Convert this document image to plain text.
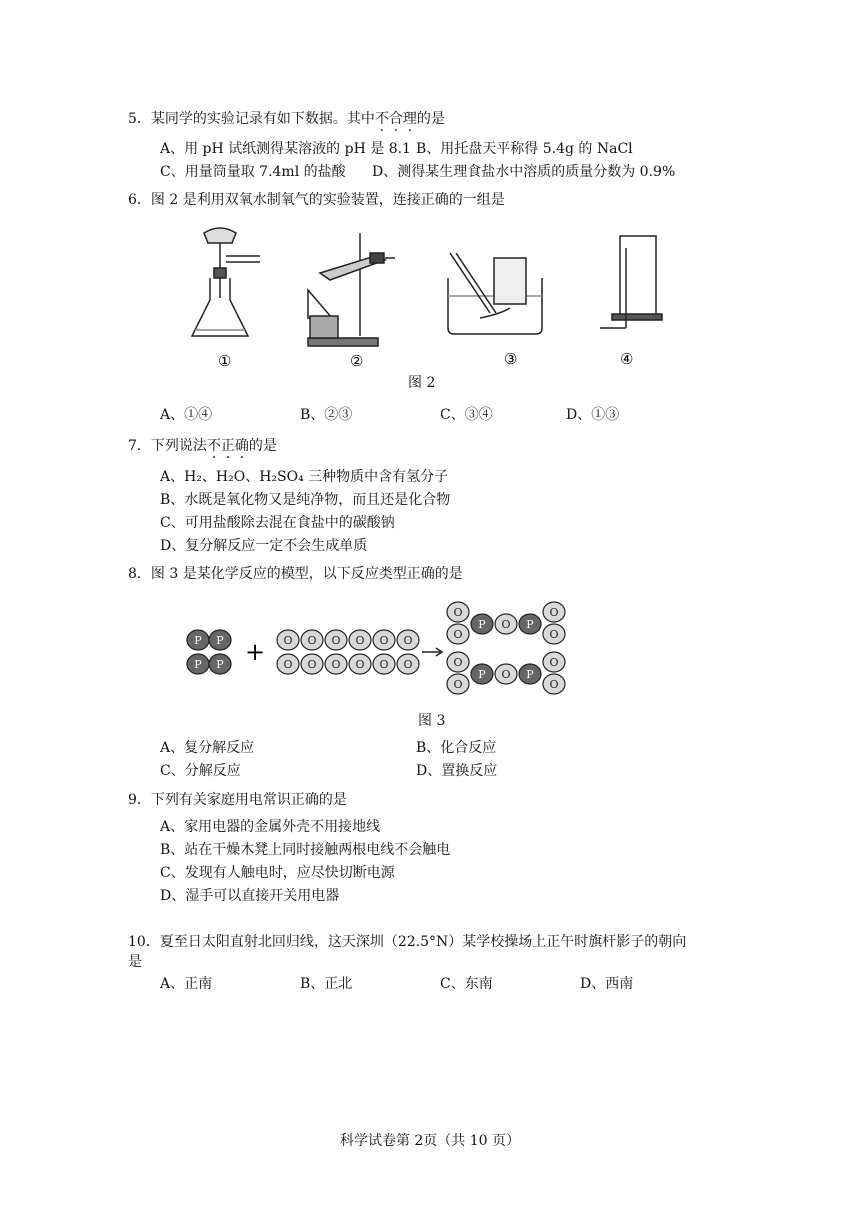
5．某同学的实验记录有如下数据。其中不合理的是
A、用 pH 试纸测得某溶液的 pH 是 8.1 B、用托盘天平称得 5.4g 的 NaCl
C、用量筒量取 7.4ml 的盐酸 D、测得某生理食盐水中溶质的质量分数为 0.9%
6．图 2 是利用双氧水制氧气的实验装置，连接正确的一组是
①	②	③	④
图 2
A、①④	B、②③	C、③④	D、①③
7．下列说法不正确的是
A、H₂、H₂O、H₂SO₄ 三种物质中含有氢分子
B、水既是氧化物又是纯净物，而且还是化合物
C、可用盐酸除去混在食盐中的碳酸钠
D、复分解反应一定不会生成单质
8．图 3 是某化学反应的模型，以下反应类型正确的是
P P
P P + O O O O O O
O O O O O O
O
O
P O P
O
O
O
O
P O P
O
O
图 3
A、复分解反应	B、化合反应
C、分解反应	D、置换反应
9．下列有关家庭用电常识正确的是
A、家用电器的金属外壳不用接地线
B、站在干燥木凳上同时接触两根电线不会触电
C、发现有人触电时，应尽快切断电源
D、湿手可以直接开关用电器
10．夏至日太阳直射北回归线，这天深圳（22.5°N）某学校操场上正午时旗杆影子的朝向
是
A、正南	B、正北	C、东南	D、西南
科学试卷第 2页（共 10 页）
